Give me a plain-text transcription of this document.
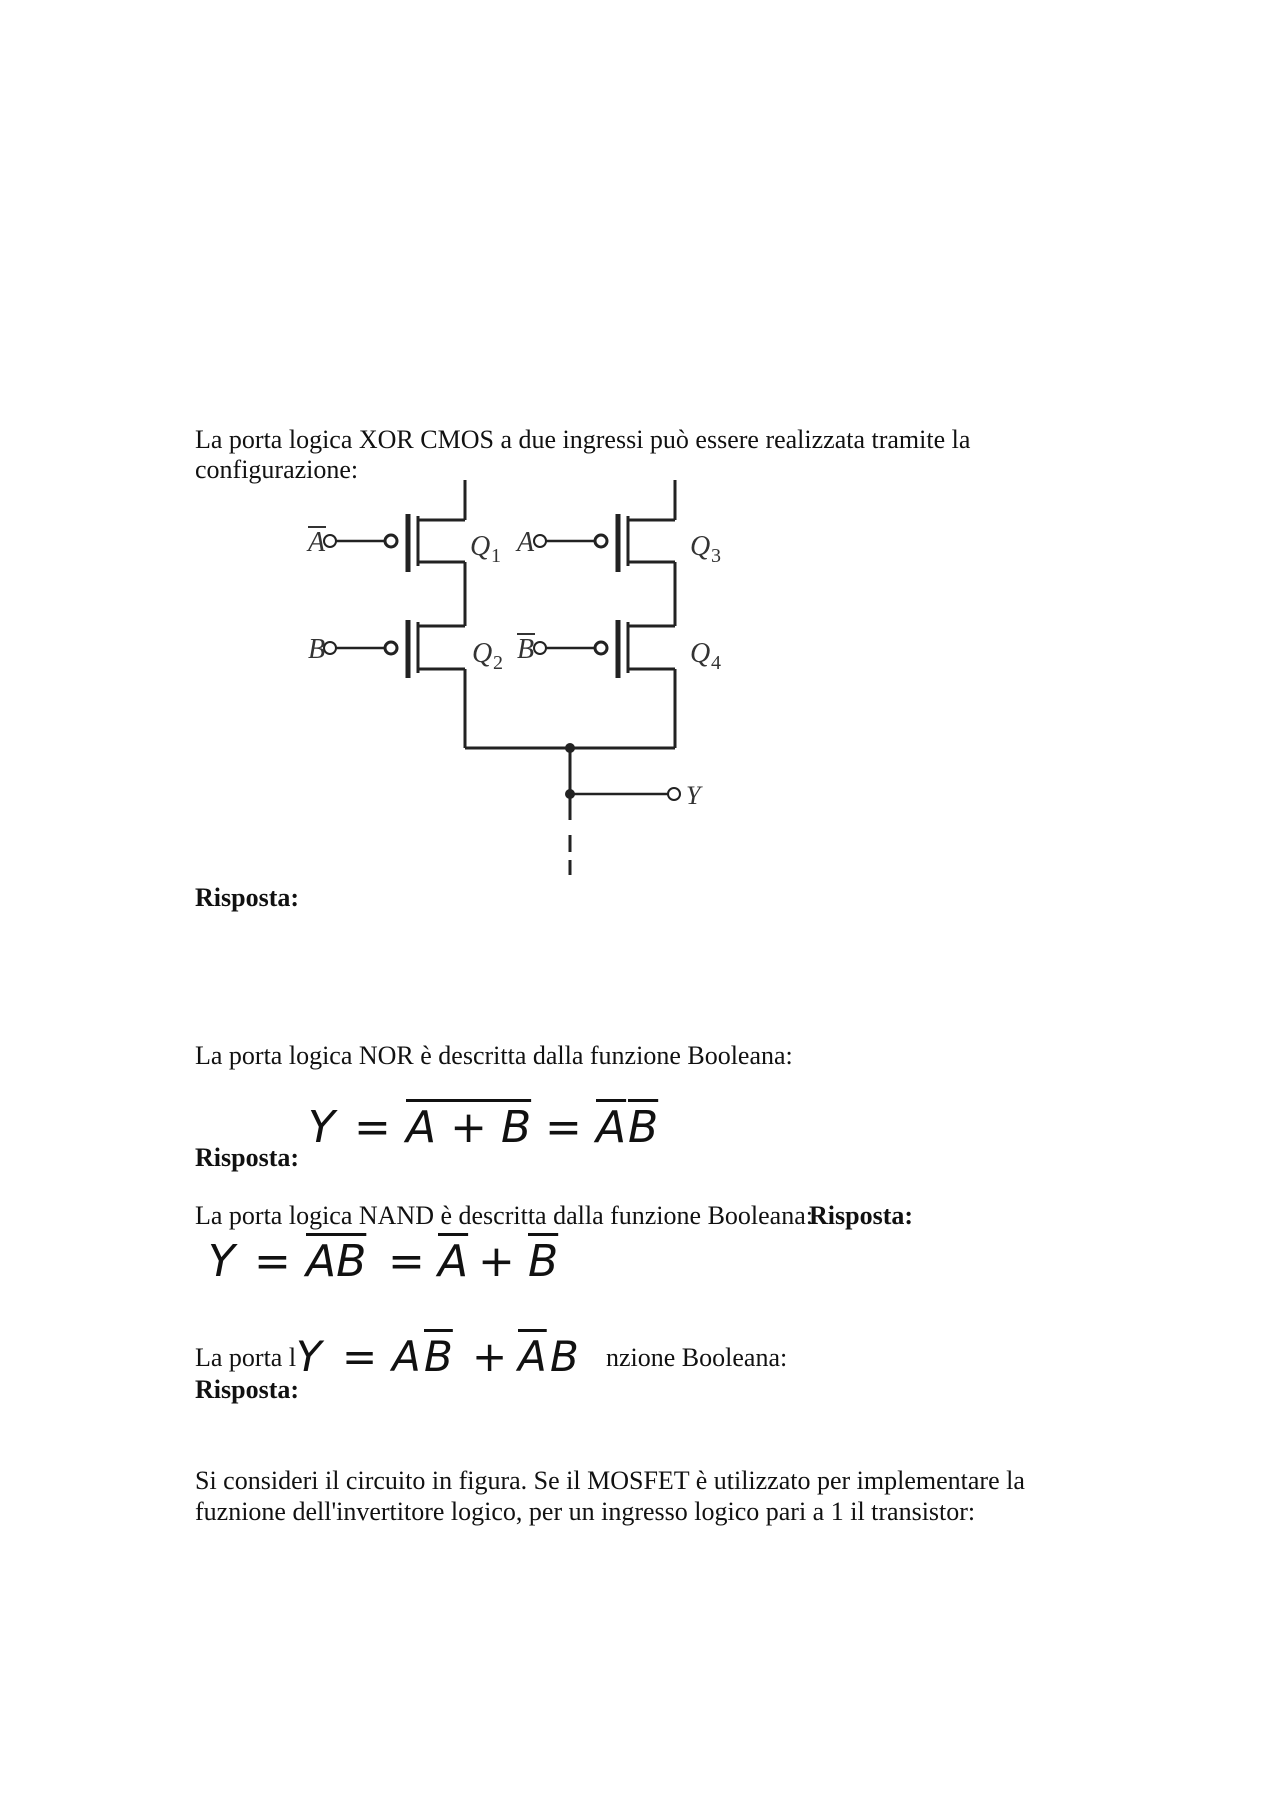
La porta logica XOR CMOS a due ingressi può essere realizzata tramite la
configurazione:
A
B
A
B
Q 1
Q 2
Q 3
Q 4
Y
Risposta:
La porta logica NOR è descritta dalla funzione Booleana:
Risposta:
$Y = A + B = \overline{A}$ $\overline{B}$
La porta logica NAND è descritta dalla funzione Booleana:
Risposta:
$Y = \overline{AB} = \overline{A} + \overline{B}$
La porta l	nzione Booleana:
Y = A $\overline{B} + \overline{A}$ B
Risposta:
Si consideri il circuito in figura. Se il MOSFET è utilizzato per implementare la
fuznione dell'invertitore logico, per un ingresso logico pari a 1 il transistor:
